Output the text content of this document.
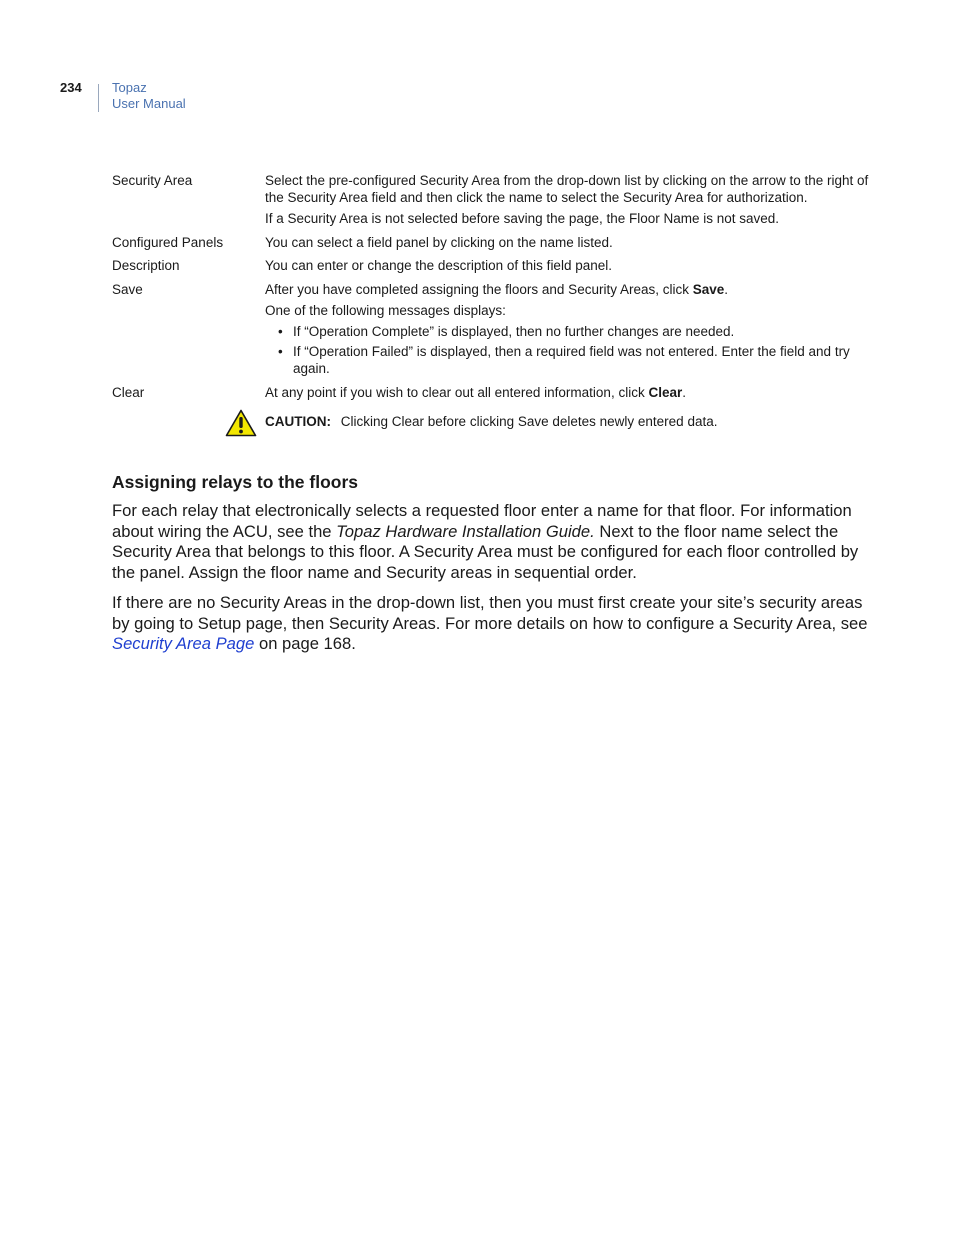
234	Topaz
User Manual
Security Area	Select the pre-configured Security Area from the drop-down list by clicking on the arrow to the right of the Security Area field and then click the name to select the Security Area for authorization.

If a Security Area is not selected before saving the page, the Floor Name is not saved.

Configured Panels	You can select a field panel by clicking on the name listed.

Description	You can enter or change the description of this field panel.

Save	After you have completed assigning the floors and Security Areas, click Save.

One of the following messages displays:

• If “Operation Complete” is displayed, then no further changes are needed.
• If “Operation Failed” is displayed, then a required field was not entered. Enter the field and try again.
Clear	At any point if you wish to clear out all entered information, click Clear.

CAUTION: Clicking Clear before clicking Save deletes newly entered data.
Assigning relays to the floors

For each relay that electronically selects a requested floor enter a name for that floor. For information about wiring the ACU, see the Topaz Hardware Installation Guide. Next to the floor name select the Security Area that belongs to this floor. A Security Area must be configured for each floor controlled by the panel. Assign the floor name and Security areas in sequential order.

If there are no Security Areas in the drop-down list, then you must first create your site’s security areas by going to Setup page, then Security Areas. For more details on how to configure a Security Area, see Security Area Page on page 168.
